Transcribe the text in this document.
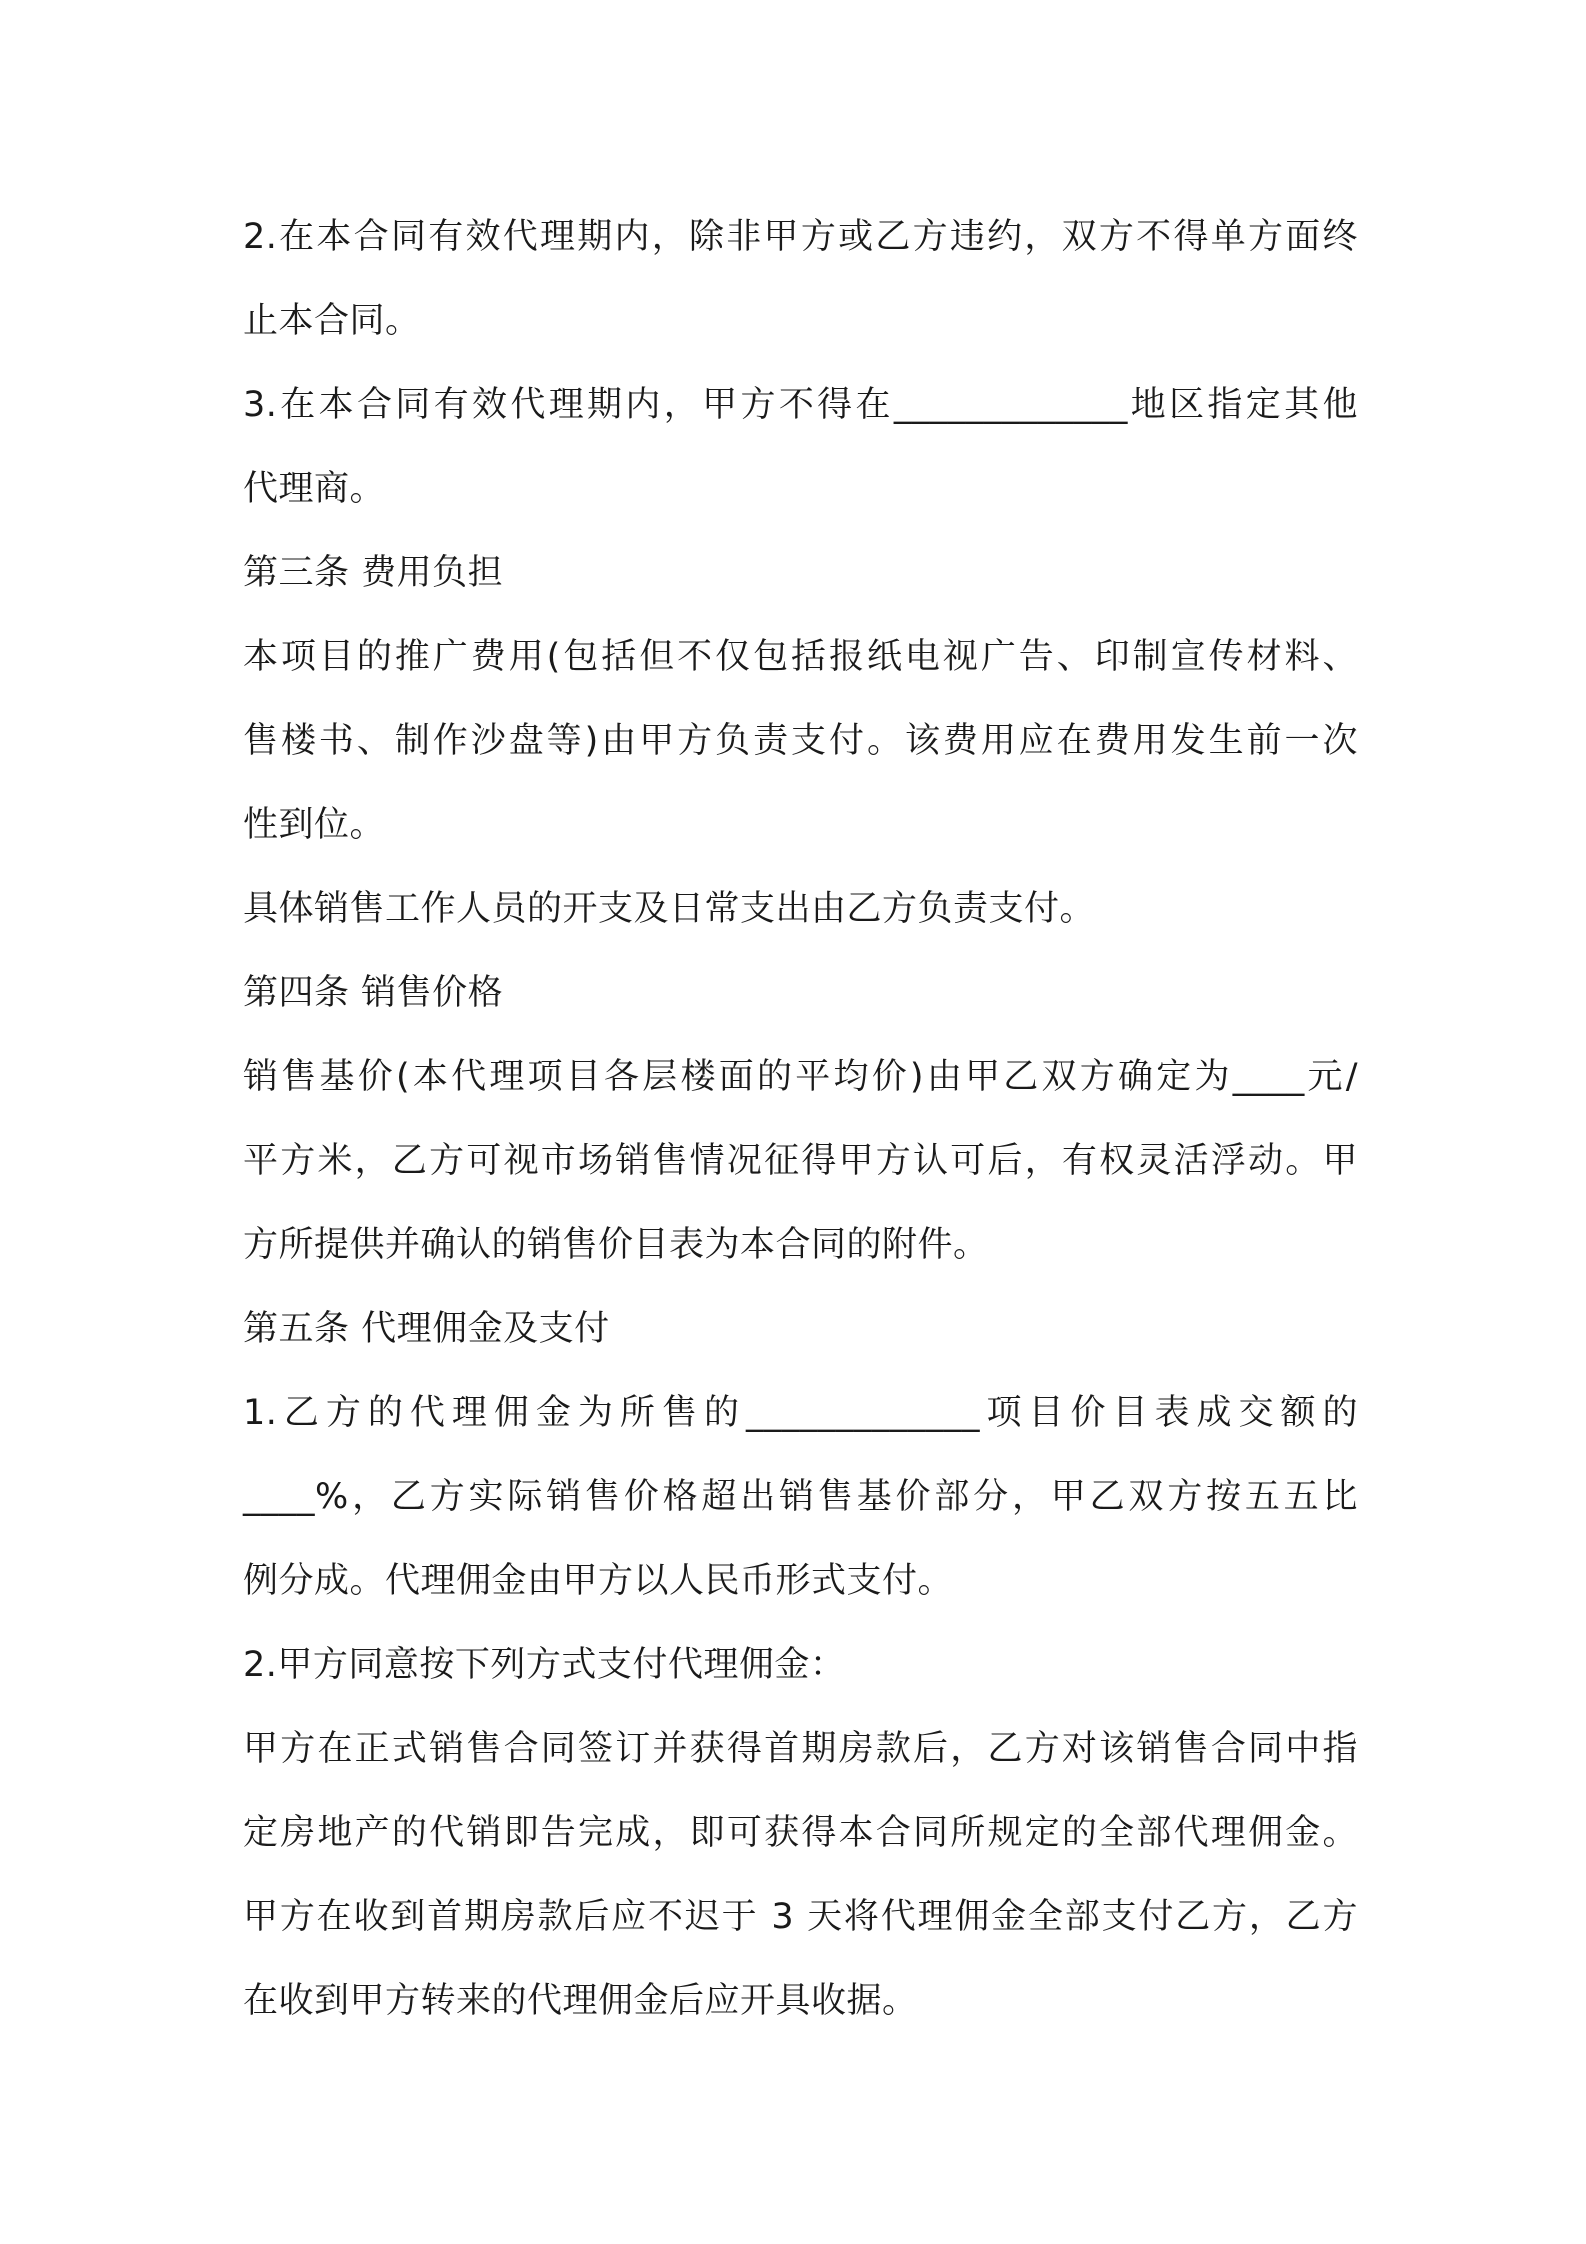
2.在本合同有效代理期内，除非甲方或乙方违约，双方不得单方面终
止本合同。
3.在本合同有效代理期内，甲方不得在_____________地区指定其他
代理商。
第三条 费用负担
本项目的推广费用(包括但不仅包括报纸电视广告、印制宣传材料、
售楼书、制作沙盘等)由甲方负责支付。该费用应在费用发生前一次
性到位。
具体销售工作人员的开支及日常支出由乙方负责支付。
第四条 销售价格
销售基价(本代理项目各层楼面的平均价)由甲乙双方确定为____元/
平方米，乙方可视市场销售情况征得甲方认可后，有权灵活浮动。甲
方所提供并确认的销售价目表为本合同的附件。
第五条 代理佣金及支付
1.乙方的代理佣金为所售的_____________项目价目表成交额的
____%，乙方实际销售价格超出销售基价部分，甲乙双方按五五比
例分成。代理佣金由甲方以人民币形式支付。
2.甲方同意按下列方式支付代理佣金：
甲方在正式销售合同签订并获得首期房款后，乙方对该销售合同中指
定房地产的代销即告完成，即可获得本合同所规定的全部代理佣金。
甲方在收到首期房款后应不迟于 3 天将代理佣金全部支付乙方，乙方
在收到甲方转来的代理佣金后应开具收据。
